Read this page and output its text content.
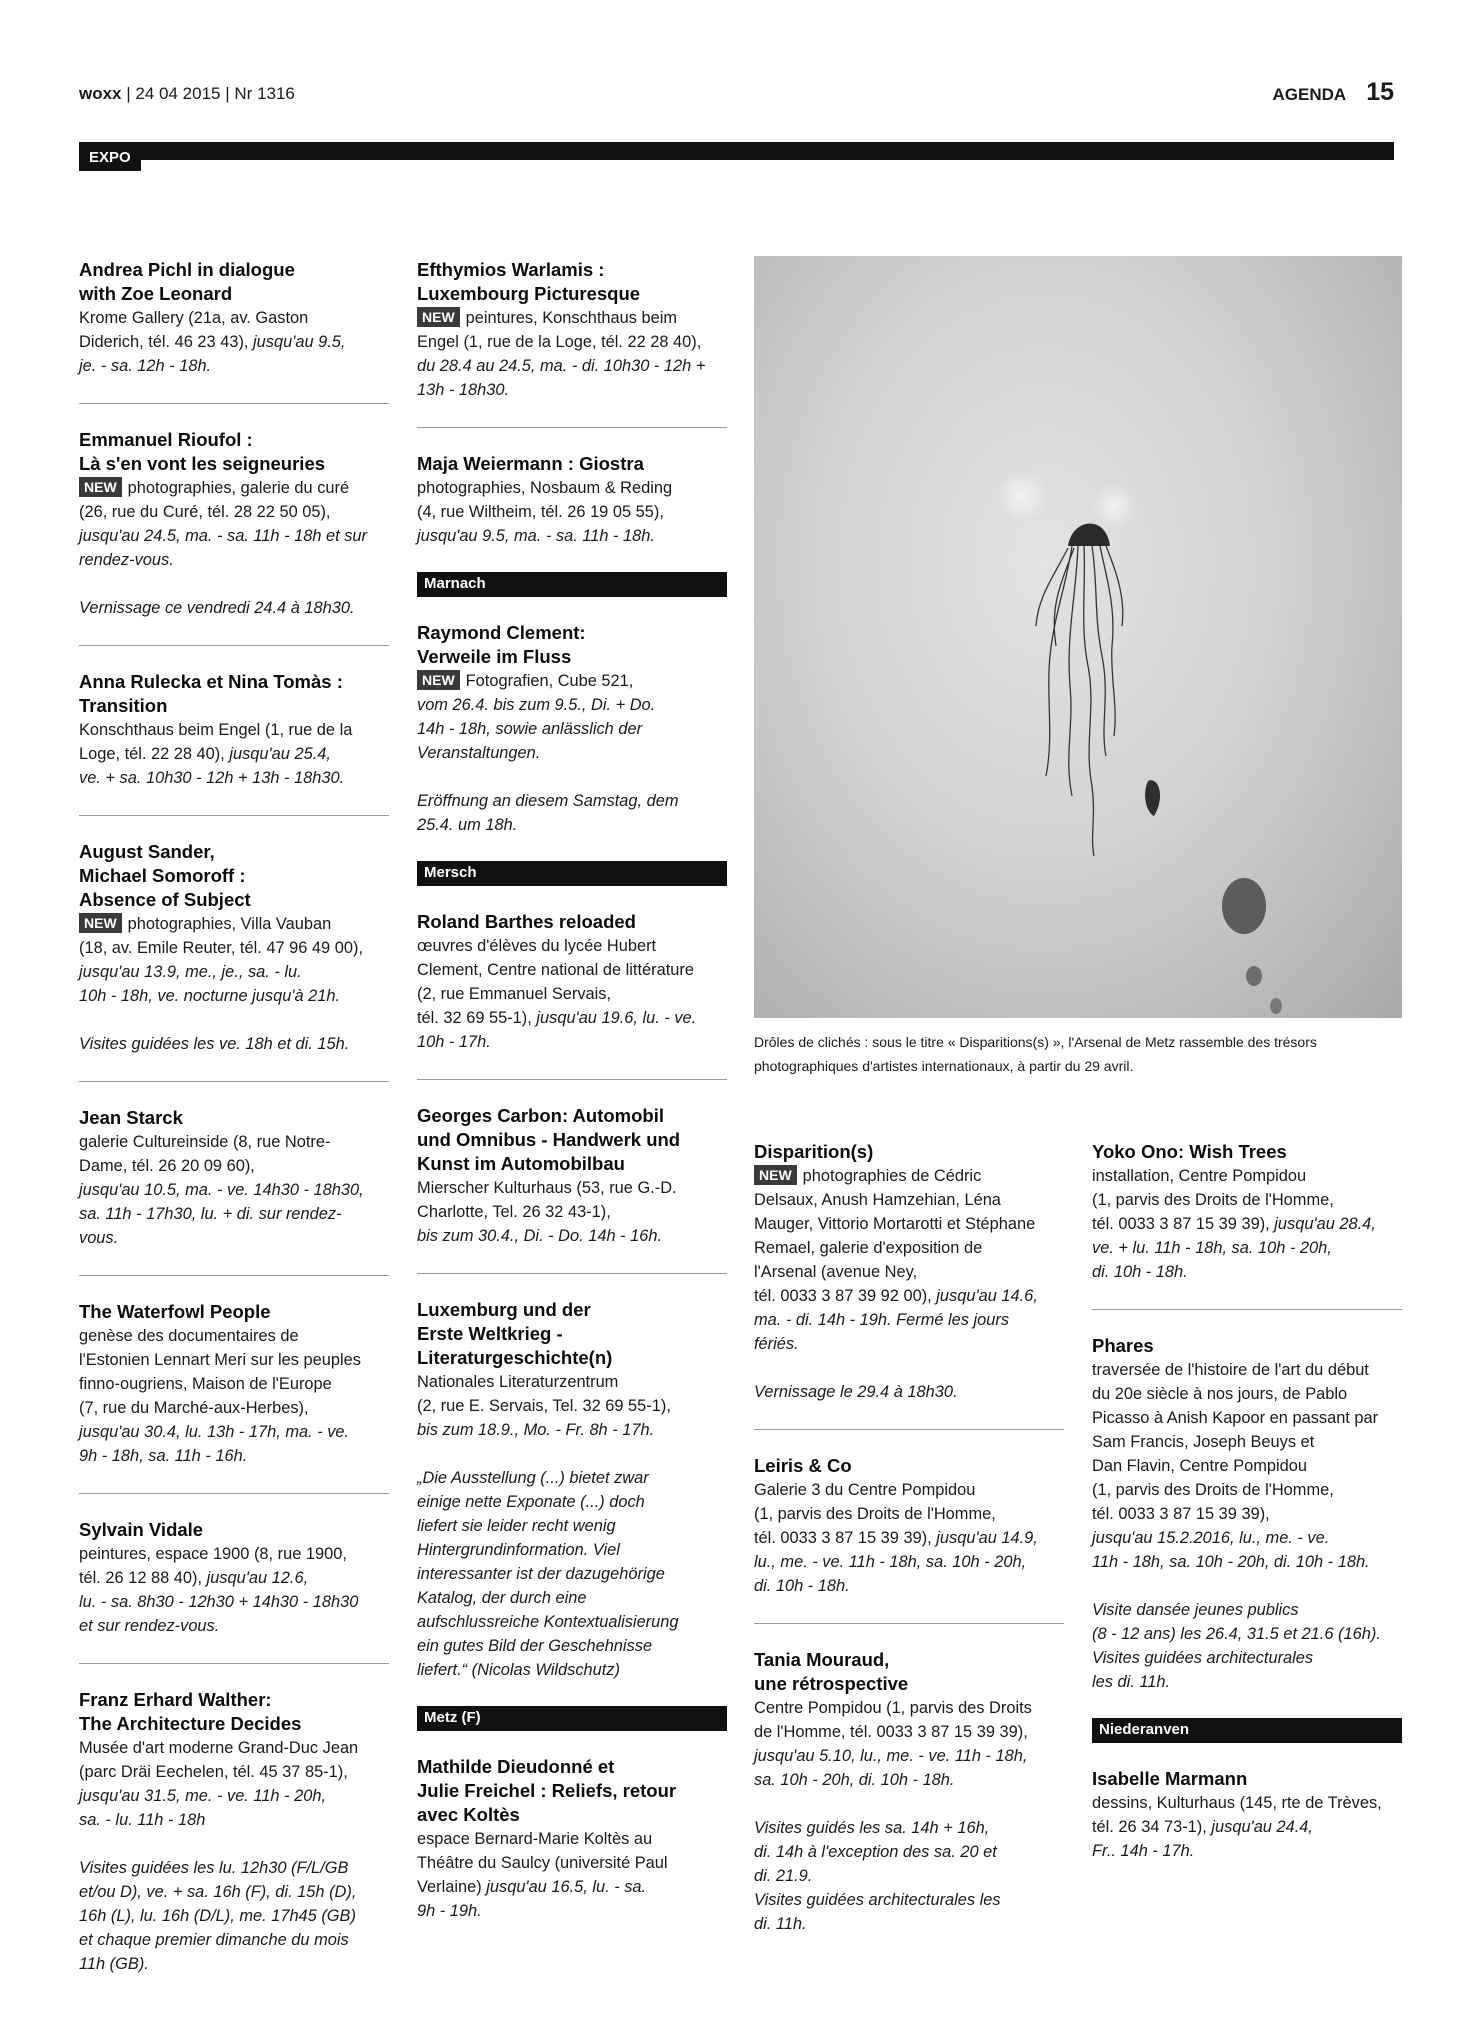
woxx | 24 04 2015 | Nr 1316	AGENDA 15
EXPO

Andrea Pichl in dialogue
with Zoe Leonard

Krome Gallery (21a, av. Gaston
Diderich, tél. 46 23 43), jusqu'au 9.5,
je. - sa. 12h - 18h.

Emmanuel Rioufol :
Là s'en vont les seigneuries

NEW photographies, galerie du curé
(26, rue du Curé, tél. 28 22 50 05),
jusqu'au 24.5, ma. - sa. 11h - 18h et sur
rendez-vous.

Vernissage ce vendredi 24.4 à 18h30.

Anna Rulecka et Nina Tomàs :
Transition

Konschthaus beim Engel (1, rue de la
Loge, tél. 22 28 40), jusqu'au 25.4,
ve. + sa. 10h30 - 12h + 13h - 18h30.

August Sander,
Michael Somoroff :
Absence of Subject

NEW photographies, Villa Vauban
(18, av. Emile Reuter, tél. 47 96 49 00),
jusqu'au 13.9, me., je., sa. - lu.
10h - 18h, ve. nocturne jusqu'à 21h.

Visites guidées les ve. 18h et di. 15h.

Jean Starck

galerie Cultureinside (8, rue Notre-
Dame, tél. 26 20 09 60),
jusqu'au 10.5, ma. - ve. 14h30 - 18h30,
sa. 11h - 17h30, lu. + di. sur rendez-
vous.

The Waterfowl People

genèse des documentaires de
l'Estonien Lennart Meri sur les peuples
finno-ougriens, Maison de l'Europe
(7, rue du Marché-aux-Herbes),
jusqu'au 30.4, lu. 13h - 17h, ma. - ve.
9h - 18h, sa. 11h - 16h.

Sylvain Vidale

peintures, espace 1900 (8, rue 1900,
tél. 26 12 88 40), jusqu'au 12.6,
lu. - sa. 8h30 - 12h30 + 14h30 - 18h30
et sur rendez-vous.

Franz Erhard Walther:
The Architecture Decides

Musée d'art moderne Grand-Duc Jean
(parc Dräi Eechelen, tél. 45 37 85-1),
jusqu'au 31.5, me. - ve. 11h - 20h,
sa. - lu. 11h - 18h

Visites guidées les lu. 12h30 (F/L/GB
et/ou D), ve. + sa. 16h (F), di. 15h (D),
16h (L), lu. 16h (D/L), me. 17h45 (GB)
et chaque premier dimanche du mois
11h (GB).

Efthymios Warlamis :
Luxembourg Picturesque

NEW peintures, Konschthaus beim
Engel (1, rue de la Loge, tél. 22 28 40),
du 28.4 au 24.5, ma. - di. 10h30 - 12h +
13h - 18h30.

Maja Weiermann : Giostra

photographies, Nosbaum & Reding
(4, rue Wiltheim, tél. 26 19 05 55),
jusqu'au 9.5, ma. - sa. 11h - 18h.

Marnach

Raymond Clement:
Verweile im Fluss

NEW Fotografien, Cube 521,
vom 26.4. bis zum 9.5., Di. + Do.
14h - 18h, sowie anlässlich der
Veranstaltungen.

Eröffnung an diesem Samstag, dem
25.4. um 18h.

Mersch

Roland Barthes reloaded

œuvres d'élèves du lycée Hubert
Clement, Centre national de littérature
(2, rue Emmanuel Servais,
tél. 32 69 55-1), jusqu'au 19.6, lu. - ve.
10h - 17h.

Georges Carbon: Automobil
und Omnibus - Handwerk und
Kunst im Automobilbau

Mierscher Kulturhaus (53, rue G.-D.
Charlotte, Tel. 26 32 43-1),
bis zum 30.4., Di. - Do. 14h - 16h.

Luxemburg und der
Erste Weltkrieg -
Literaturgeschichte(n)

Nationales Literaturzentrum
(2, rue E. Servais, Tel. 32 69 55-1),
bis zum 18.9., Mo. - Fr. 8h - 17h.

„Die Ausstellung (...) bietet zwar
einige nette Exponate (...) doch
liefert sie leider recht wenig
Hintergrundinformation. Viel
interessanter ist der dazugehörige
Katalog, der durch eine
aufschlussreiche Kontextualisierung
ein gutes Bild der Geschehnisse
liefert.“ (Nicolas Wildschutz)

Metz (F)

Mathilde Dieudonné et
Julie Freichel : Reliefs, retour
avec Koltès

espace Bernard-Marie Koltès au
Théâtre du Saulcy (université Paul
Verlaine) jusqu'au 16.5, lu. - sa.
9h - 19h.

Drôles de clichés : sous le titre « Disparitions(s) », l'Arsenal de Metz rassemble des trésors
photographiques d'artistes internationaux, à partir du 29 avril.

Disparition(s)

NEW photographies de Cédric
Delsaux, Anush Hamzehian, Léna
Mauger, Vittorio Mortarotti et Stéphane
Remael, galerie d'exposition de
l'Arsenal (avenue Ney,
tél. 0033 3 87 39 92 00), jusqu'au 14.6,
ma. - di. 14h - 19h. Fermé les jours
fériés.

Vernissage le 29.4 à 18h30.

Leiris & Co

Galerie 3 du Centre Pompidou
(1, parvis des Droits de l'Homme,
tél. 0033 3 87 15 39 39), jusqu'au 14.9,
lu., me. - ve. 11h - 18h, sa. 10h - 20h,
di. 10h - 18h.

Tania Mouraud,
une rétrospective

Centre Pompidou (1, parvis des Droits
de l'Homme, tél. 0033 3 87 15 39 39),
jusqu'au 5.10, lu., me. - ve. 11h - 18h,
sa. 10h - 20h, di. 10h - 18h.

Visites guidés les sa. 14h + 16h,
di. 14h à l'exception des sa. 20 et
di. 21.9.
Visites guidées architecturales les
di. 11h.

Yoko Ono: Wish Trees

installation, Centre Pompidou
(1, parvis des Droits de l'Homme,
tél. 0033 3 87 15 39 39), jusqu'au 28.4,
ve. + lu. 11h - 18h, sa. 10h - 20h,
di. 10h - 18h.

Phares

traversée de l'histoire de l'art du début
du 20e siècle à nos jours, de Pablo
Picasso à Anish Kapoor en passant par
Sam Francis, Joseph Beuys et
Dan Flavin, Centre Pompidou
(1, parvis des Droits de l'Homme,
tél. 0033 3 87 15 39 39),
jusqu'au 15.2.2016, lu., me. - ve.
11h - 18h, sa. 10h - 20h, di. 10h - 18h.

Visite dansée jeunes publics
(8 - 12 ans) les 26.4, 31.5 et 21.6 (16h).
Visites guidées architecturales
les di. 11h.

Niederanven

Isabelle Marmann

dessins, Kulturhaus (145, rte de Trèves,
tél. 26 34 73-1), jusqu'au 24.4,
Fr.. 14h - 17h.
